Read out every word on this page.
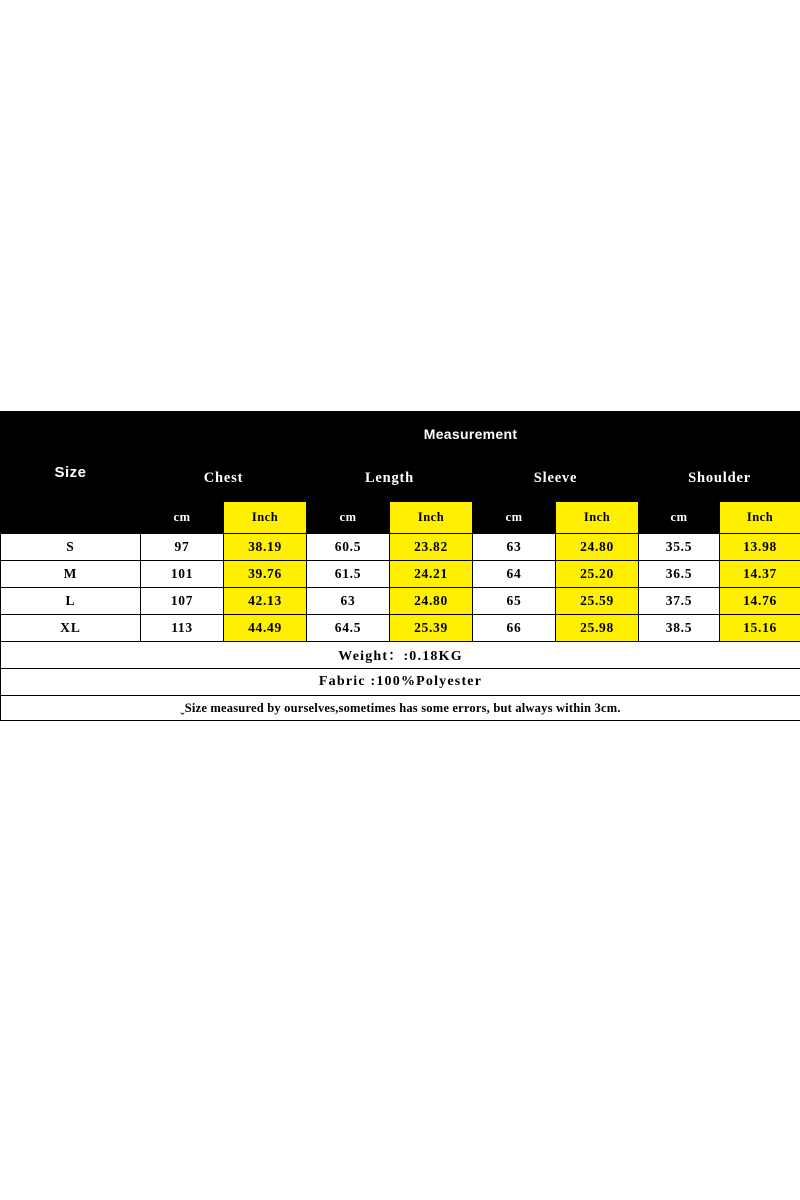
Size	Measurement							
	Chest		Length		Sleeve		Shoulder	
	cm	Inch	cm	Inch	cm	Inch	cm	Inch
S	97	38.19	60.5	23.82	63	24.80	35.5	13.98
M	101	39.76	61.5	24.21	64	25.20	36.5	14.37
L	107	42.13	63	24.80	65	25.59	37.5	14.76
XL	113	44.49	64.5	25.39	66	25.98	38.5	15.16
Weight：:0.18KG								
Fabric :100%Polyester								
ˬSize measured by ourselves,sometimes has some errors, but always within 3cm.								
